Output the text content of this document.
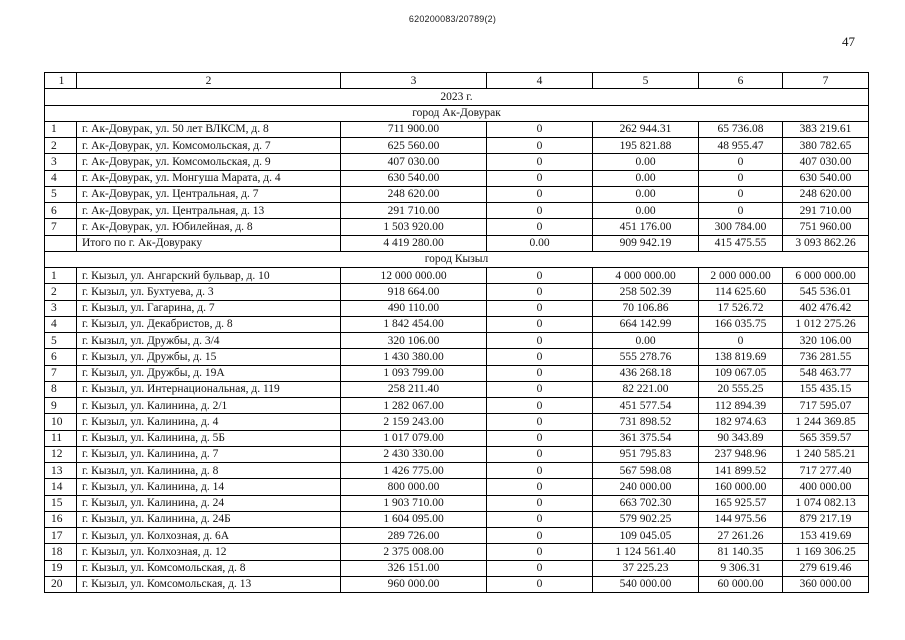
620200083/20789(2)
47
1	2	3	4	5	6	7
2023 г.						
город Ак-Довурак						
1	г. Ак-Довурак, ул. 50 лет ВЛКСМ, д. 8	711 900.00	0	262 944.31	65 736.08	383 219.61
2	г. Ак-Довурак, ул. Комсомольская, д. 7	625 560.00	0	195 821.88	48 955.47	380 782.65
3	г. Ак-Довурак, ул. Комсомольская, д. 9	407 030.00	0	0.00	0	407 030.00
4	г. Ак-Довурак, ул. Монгуша Марата, д. 4	630 540.00	0	0.00	0	630 540.00
5	г. Ак-Довурак, ул. Центральная, д. 7	248 620.00	0	0.00	0	248 620.00
6	г. Ак-Довурак, ул. Центральная, д. 13	291 710.00	0	0.00	0	291 710.00
7	г. Ак-Довурак, ул. Юбилейная, д. 8	1 503 920.00	0	451 176.00	300 784.00	751 960.00
	Итого по г. Ак-Довураку	4 419 280.00	0.00	909 942.19	415 475.55	3 093 862.26
город Кызыл						
1	г. Кызыл, ул. Ангарский бульвар, д. 10	12 000 000.00	0	4 000 000.00	2 000 000.00	6 000 000.00
2	г. Кызыл, ул. Бухтуева, д. 3	918 664.00	0	258 502.39	114 625.60	545 536.01
3	г. Кызыл, ул. Гагарина, д. 7	490 110.00	0	70 106.86	17 526.72	402 476.42
4	г. Кызыл, ул. Декабристов, д. 8	1 842 454.00	0	664 142.99	166 035.75	1 012 275.26
5	г. Кызыл, ул. Дружбы, д. 3/4	320 106.00	0	0.00	0	320 106.00
6	г. Кызыл, ул. Дружбы, д. 15	1 430 380.00	0	555 278.76	138 819.69	736 281.55
7	г. Кызыл, ул. Дружбы, д. 19А	1 093 799.00	0	436 268.18	109 067.05	548 463.77
8	г. Кызыл, ул. Интернациональная, д. 119	258 211.40	0	82 221.00	20 555.25	155 435.15
9	г. Кызыл, ул. Калинина, д. 2/1	1 282 067.00	0	451 577.54	112 894.39	717 595.07
10	г. Кызыл, ул. Калинина, д. 4	2 159 243.00	0	731 898.52	182 974.63	1 244 369.85
11	г. Кызыл, ул. Калинина, д. 5Б	1 017 079.00	0	361 375.54	90 343.89	565 359.57
12	г. Кызыл, ул. Калинина, д. 7	2 430 330.00	0	951 795.83	237 948.96	1 240 585.21
13	г. Кызыл, ул. Калинина, д. 8	1 426 775.00	0	567 598.08	141 899.52	717 277.40
14	г. Кызыл, ул. Калинина, д. 14	800 000.00	0	240 000.00	160 000.00	400 000.00
15	г. Кызыл, ул. Калинина, д. 24	1 903 710.00	0	663 702.30	165 925.57	1 074 082.13
16	г. Кызыл, ул. Калинина, д. 24Б	1 604 095.00	0	579 902.25	144 975.56	879 217.19
17	г. Кызыл, ул. Колхозная, д. 6А	289 726.00	0	109 045.05	27 261.26	153 419.69
18	г. Кызыл, ул. Колхозная, д. 12	2 375 008.00	0	1 124 561.40	81 140.35	1 169 306.25
19	г. Кызыл, ул. Комсомольская, д. 8	326 151.00	0	37 225.23	9 306.31	279 619.46
20	г. Кызыл, ул. Комсомольская, д. 13	960 000.00	0	540 000.00	60 000.00	360 000.00
